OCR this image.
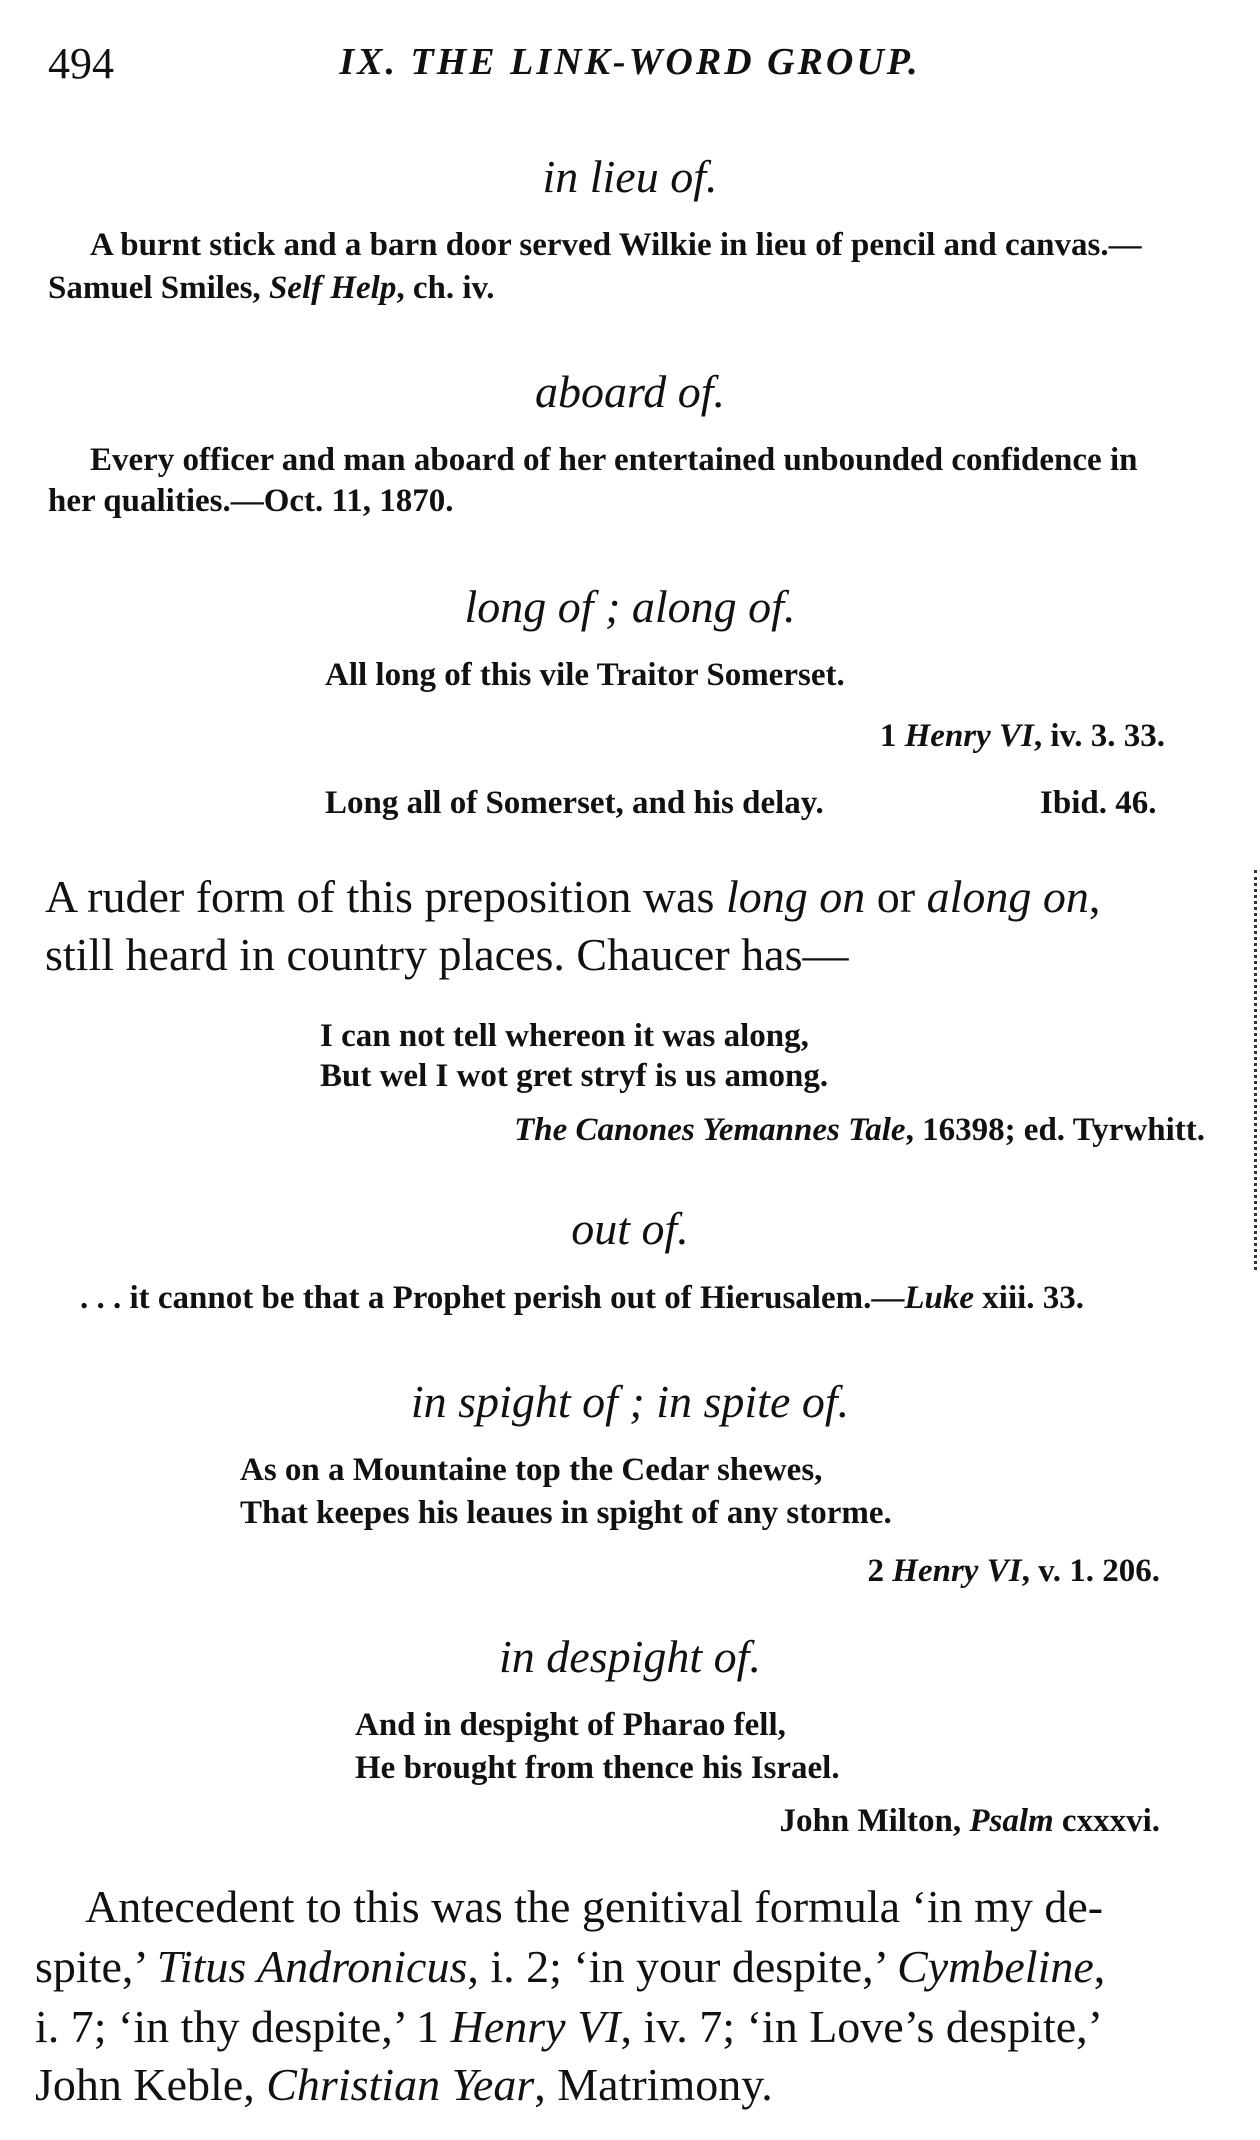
494	IX. THE LINK-WORD GROUP.
in lieu of.
A burnt stick and a barn door served Wilkie in lieu of pencil and canvas.—
Samuel Smiles, Self Help, ch. iv.
aboard of.
Every officer and man aboard of her entertained unbounded confidence in
her qualities.—Oct. 11, 1870.
long of ; along of.
All long of this vile Traitor Somerset.
1 Henry VI, iv. 3. 33.
Long all of Somerset, and his delay.	Ibid. 46.
A ruder form of this preposition was long on or along on,
still heard in country places. Chaucer has—
I can not tell whereon it was along,
But wel I wot gret stryf is us among.
The Canones Yemannes Tale, 16398; ed. Tyrwhitt.
out of.
. . . it cannot be that a Prophet perish out of Hierusalem.—Luke xiii. 33.
in spight of ; in spite of.
As on a Mountaine top the Cedar shewes,
That keepes his leaues in spight of any storme.
2 Henry VI, v. 1. 206.
in despight of.
And in despight of Pharao fell,
He brought from thence his Israel.
John Milton, Psalm cxxxvi.
Antecedent to this was the genitival formula ‘in my de-
spite,’ Titus Andronicus, i. 2; ‘in your despite,’ Cymbeline,
i. 7; ‘in thy despite,’ 1 Henry VI, iv. 7; ‘in Love’s despite,’
John Keble, Christian Year, Matrimony.
